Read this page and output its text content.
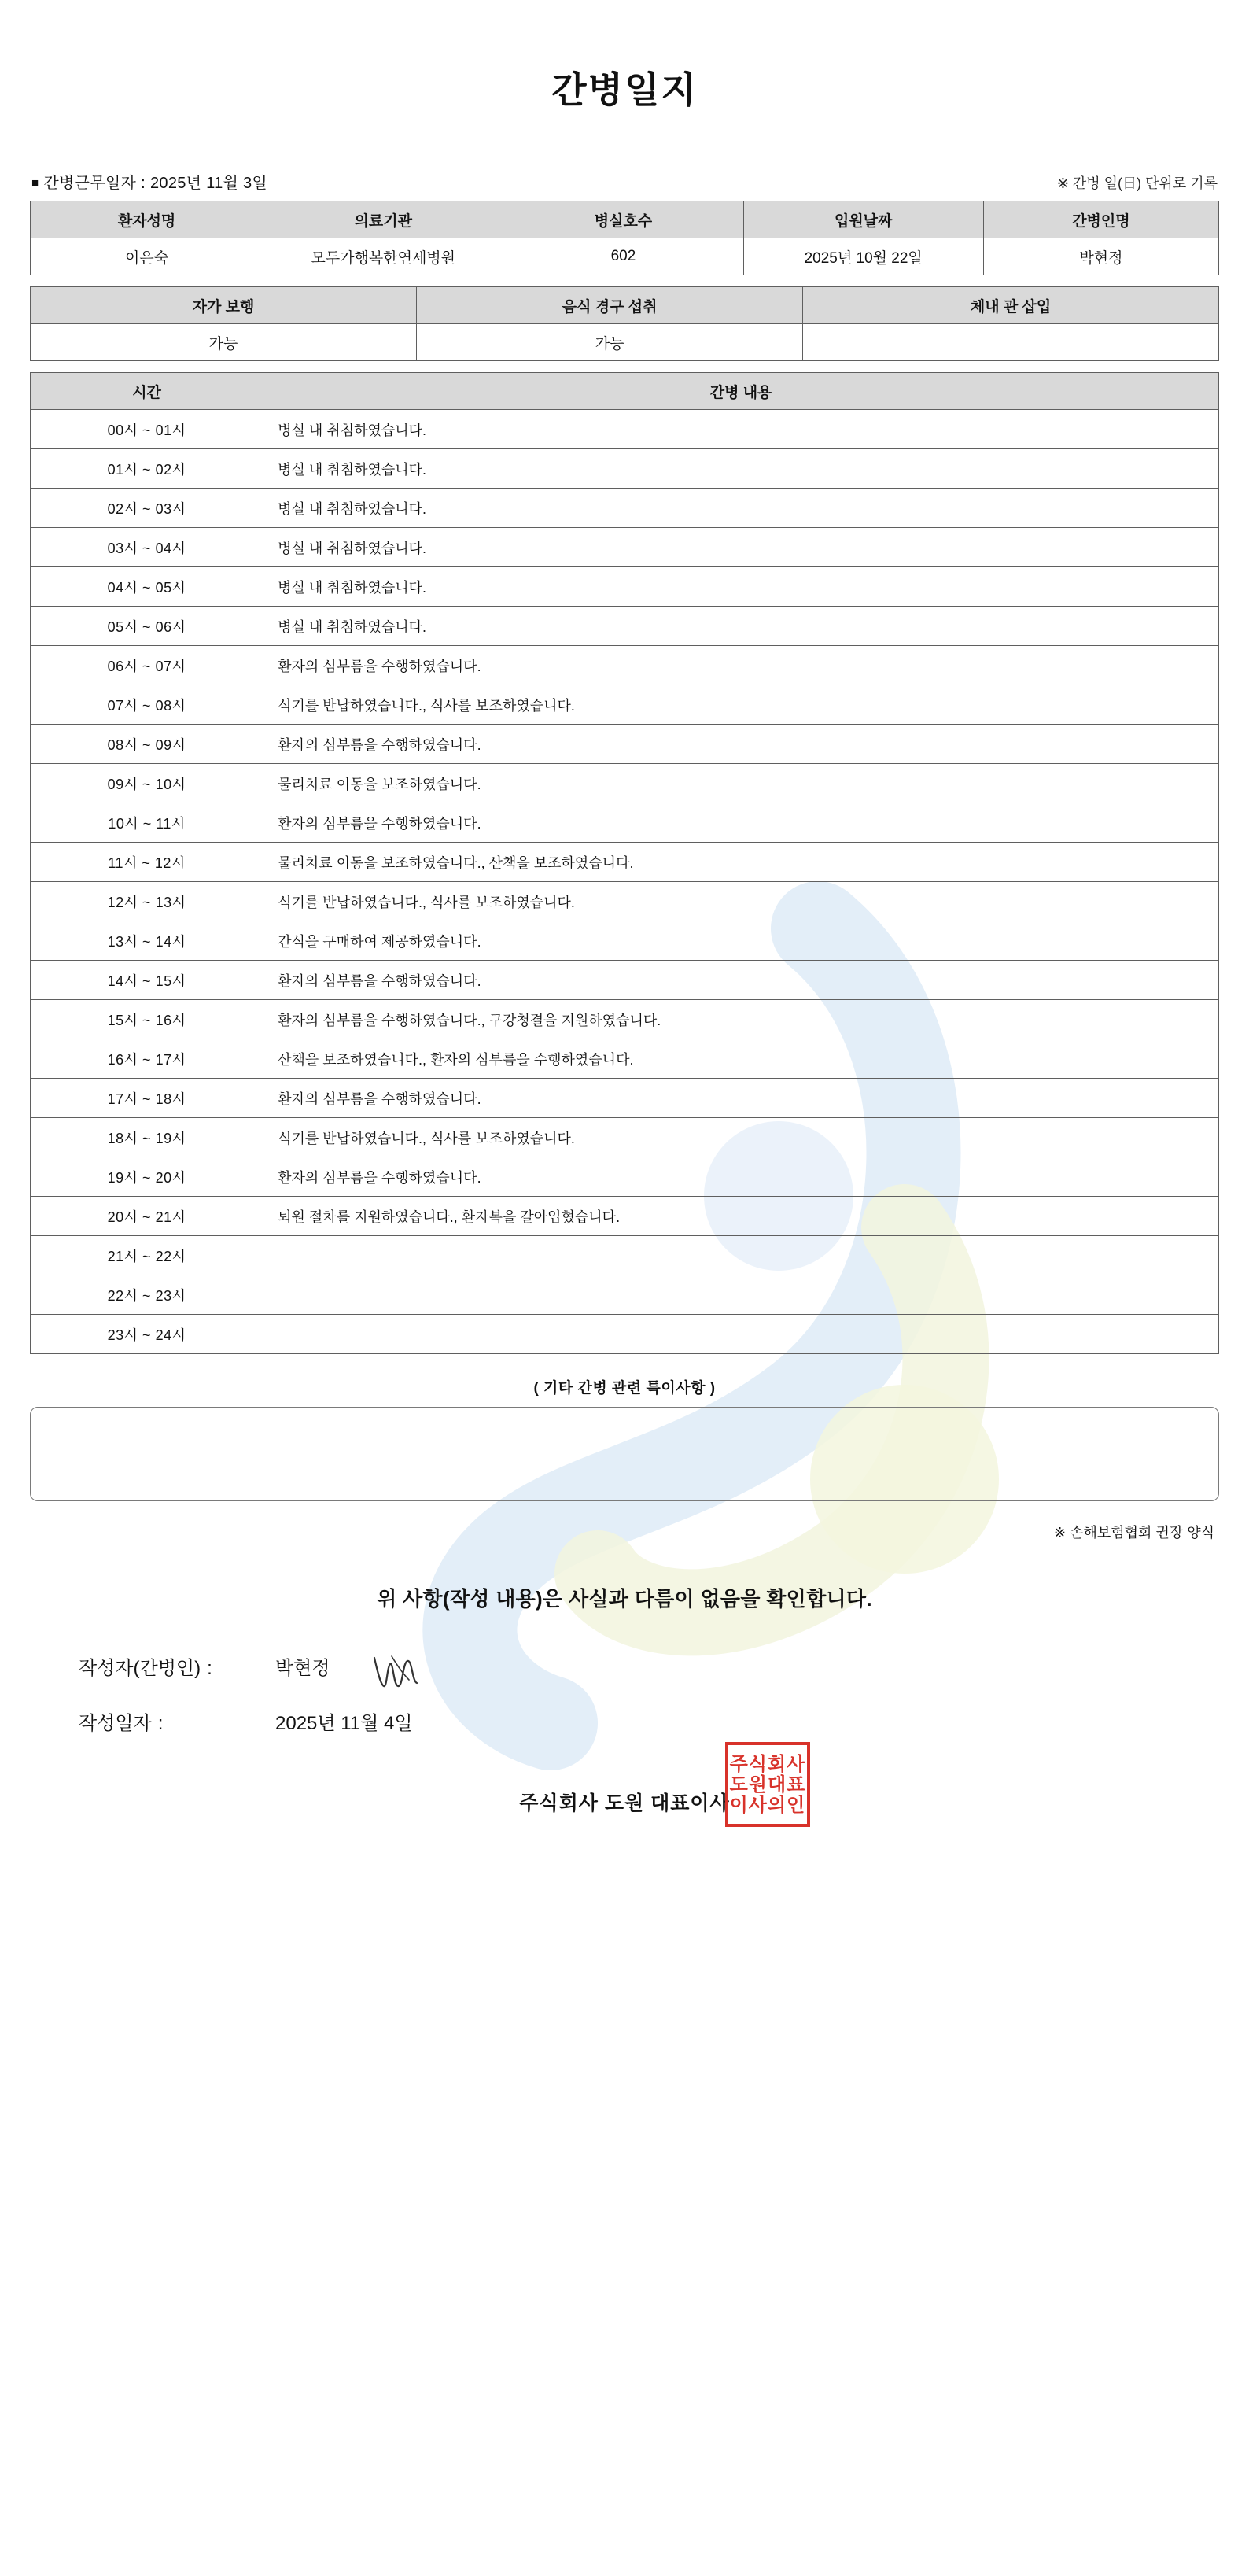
간병일지
■ 간병근무일자 : 2025년 11월 3일	※ 간병 일(日) 단위로 기록
환자성명	의료기관	병실호수	입원날짜	간병인명
이은숙	모두가행복한연세병원	602	2025년 10월 22일	박현정
자가 보행	음식 경구 섭취	체내 관 삽입
가능	가능	
시간	간병 내용
00시 ~ 01시	병실 내 취침하였습니다.
01시 ~ 02시	병실 내 취침하였습니다.
02시 ~ 03시	병실 내 취침하였습니다.
03시 ~ 04시	병실 내 취침하였습니다.
04시 ~ 05시	병실 내 취침하였습니다.
05시 ~ 06시	병실 내 취침하였습니다.
06시 ~ 07시	환자의 심부름을 수행하였습니다.
07시 ~ 08시	식기를 반납하였습니다., 식사를 보조하였습니다.
08시 ~ 09시	환자의 심부름을 수행하였습니다.
09시 ~ 10시	물리치료 이동을 보조하였습니다.
10시 ~ 11시	환자의 심부름을 수행하였습니다.
11시 ~ 12시	물리치료 이동을 보조하였습니다., 산책을 보조하였습니다.
12시 ~ 13시	식기를 반납하였습니다., 식사를 보조하였습니다.
13시 ~ 14시	간식을 구매하여 제공하였습니다.
14시 ~ 15시	환자의 심부름을 수행하였습니다.
15시 ~ 16시	환자의 심부름을 수행하였습니다., 구강청결을 지원하였습니다.
16시 ~ 17시	산책을 보조하였습니다., 환자의 심부름을 수행하였습니다.
17시 ~ 18시	환자의 심부름을 수행하였습니다.
18시 ~ 19시	식기를 반납하였습니다., 식사를 보조하였습니다.
19시 ~ 20시	환자의 심부름을 수행하였습니다.
20시 ~ 21시	퇴원 절차를 지원하였습니다., 환자복을 갈아입혔습니다.
21시 ~ 22시	
22시 ~ 23시	
23시 ~ 24시	
( 기타 간병 관련 특이사항 )
※ 손해보험협회 권장 양식
위 사항(작성 내용)은 사실과 다름이 없음을 확인합니다.
작성자(간병인) :	박현정
작성일자 :	2025년 11월 4일
주식회사 도원 대표이사
주식회사
도원대표
이사의인
